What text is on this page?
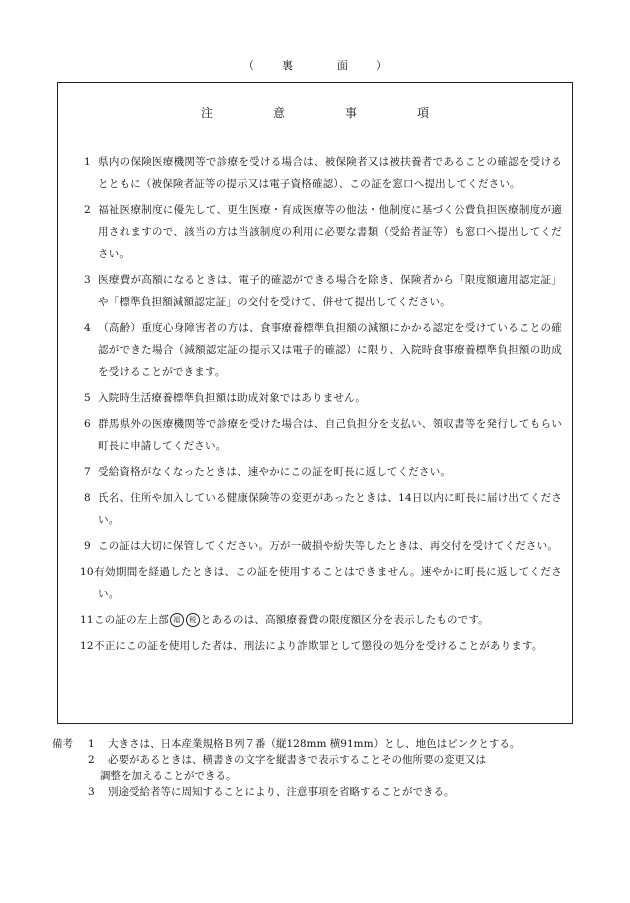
（	裏	面	）
注	意	事	項
1 県内の保険医療機関等で診療を受ける場合は、被保険者又は被扶養者であることの確認を受けるとともに（被保険者証等の提示又は電子資格確認）、この証を窓口へ提出してください。
2 福祉医療制度に優先して、更生医療・育成医療等の他法・他制度に基づく公費負担医療制度が適用されますので、該当の方は当該制度の利用に必要な書類（受給者証等）も窓口へ提出してください。
3 医療費が高額になるときは、電子的確認ができる場合を除き、保険者から「限度額適用認定証」や「標準負担額減額認定証」の交付を受けて、併せて提出してください。
4 （高齢）重度心身障害者の方は、食事療養標準負担額の減額にかかる認定を受けていることの確認ができた場合（減額認定証の提示又は電子的確認）に限り、入院時食事療養標準負担額の助成を受けることができます。
5 入院時生活療養標準負担額は助成対象ではありません。
6 群馬県外の医療機関等で診療を受けた場合は、自己負担分を支払い、領収書等を発行してもらい町長に申請してください。
7 受給資格がなくなったときは、速やかにこの証を町長に返してください。
8 氏名、住所や加入している健康保険等の変更があったときは、14日以内に町長に届け出てください。
9 この証は大切に保管してください。万が一破損や紛失等したときは、再交付を受けてください。
10有効期間を経過したときは、この証を使用することはできません。速やかに町長に返してください。
11この証の左上部 福 税 とあるのは、高額療養費の限度額区分を表示したものです。
12不正にこの証を使用した者は、刑法により詐欺罪として懲役の処分を受けることがあります。
備考 1 大きさは、日本産業規格Ｂ列７番（縦128mm 横91mm）とし、地色はピンクとする。
2 必要があるときは、横書きの文字を縦書きで表示することその他所要の変更又は
調整を加えることができる。
3 別途受給者等に周知することにより、注意事項を省略することができる。
